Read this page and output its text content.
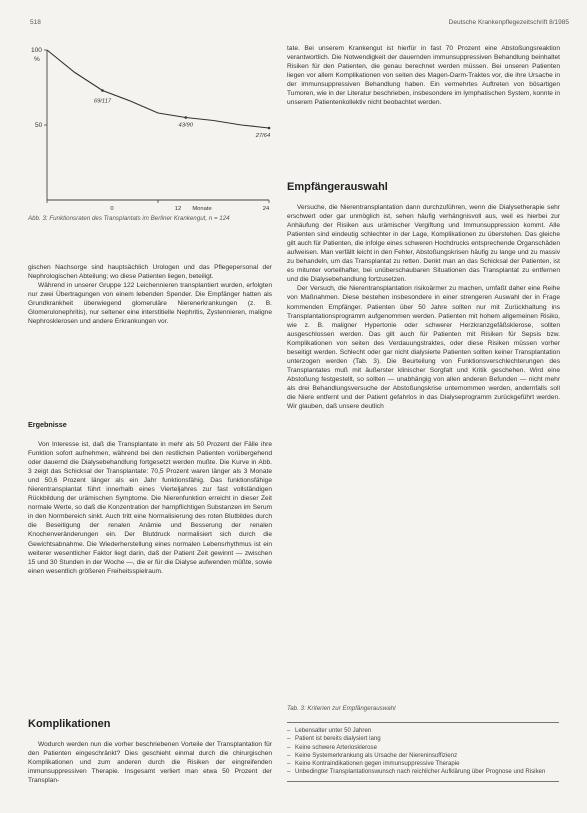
518	Deutsche Krankenpflegezeitschrift 8/1985
100
%
50
0	12 Monate	24
69/117
43/90
27/64
Abb. 3: Funktionsraten des Transplantats im Berliner Krankengut, n = 124

gischen Nachsorge sind hauptsächlich Urologen und das Pflegepersonal der Nephrologischen Abteilung; wo diese Patienten liegen, beteiligt.

Während in unserer Gruppe 122 Leichennieren transplantiert wurden, erfolgten nur zwei Übertragungen von einem lebenden Spender. Die Empfänger hatten als Grundkrankheit überwiegend glomeruläre Nierenerkrankungen (z. B. Glomerulonephritis), nur seltener eine interstitielle Nephritis, Zystennieren, maligne Nephrosklerosen und andere Erkrankungen vor.

Ergebnisse

Von Interesse ist, daß die Transplantate in mehr als 50 Prozent der Fälle ihre Funktion sofort aufnehmen, während bei den restlichen Patienten vorübergehend oder dauernd die Dialysebehandlung fortgesetzt werden mußte. Die Kurve in Abb. 3 zeigt das Schicksal der Transplantate: 70,5 Prozent waren länger als 3 Monate und 50,6 Prozent länger als ein Jahr funktionsfähig. Das funktionsfähige Nierentransplantat führt innerhalb eines Vierteljahres zur fast vollständigen Rückbildung der urämischen Symptome. Die Nierenfunktion erreicht in dieser Zeit normale Werte, so daß die Konzentration der harnpflichtigen Substanzen im Serum in den Normbereich sinkt. Auch tritt eine Normalisierung des roten Blutbildes durch die Beseitigung der renalen Anämie und Besserung der renalen Knochenveränderungen ein. Der Blutdruck normalisiert sich durch die Gewichtsabnahme. Die Wiederherstellung eines normalen Lebensrhythmus ist ein weiterer wesentlicher Faktor liegt darin, daß der Patient Zeit gewinnt — zwischen 15 und 30 Stunden in der Woche —, die er für die Dialyse aufwenden müßte, sowie einen wesentlich größeren Freiheitsspielraum.

Komplikationen

Wodurch werden nun die vorher beschriebenen Vorteile der Transplantation für den Patienten eingeschränkt? Dies geschieht einmal durch die chirurgischen Komplikationen und zum anderen durch die Risiken der eingreifenden immunsuppressiven Therapie. Insgesamt verliert man etwa 50 Prozent der Transplan-

tate. Bei unserem Krankengut ist hierfür in fast 70 Prozent eine Abstoßungsreaktion verantwortlich. Die Notwendigkeit der dauernden immunsuppressiven Behandlung beinhaltet Risiken für den Patienten, die genau berechnet werden müssen. Bei unseren Patienten liegen vor allem Komplikationen von seiten des Magen-Darm-Traktes vor, die ihre Ursache in der immunsuppressiven Behandlung haben. Ein vermehrtes Auftreten von bösartigen Tumoren, wie in der Literatur beschrieben, insbesondere im lymphatischen System, konnte in unserem Patientenkollektiv nicht beobachtet werden.

Empfängerauswahl

Versuche, die Nierentransplantation dann durchzuführen, wenn die Dialysetherapie sehr erschwert oder gar unmöglich ist, sehen häufig verhängnisvoll aus, weil es hierbei zur Anhäufung der Risiken aus urämischer Vergiftung und Immunsuppression kommt. Alle Patienten sind eindeutig schlechter in der Lage, Komplikationen zu überstehen. Das gleiche gilt auch für Patienten, die infolge eines schweren Hochdrucks entsprechende Organschäden aufweisen. Man verfällt leicht in den Fehler, Abstoßungskrisen häufig zu lange und zu massiv zu behandeln, um das Transplantat zu retten. Denkt man an das Schicksal der Patienten, ist es mitunter vorteilhafter, bei unüberschaubaren Situationen das Transplantat zu entfernen und die Dialysebehandlung fortzusetzen.

Der Versuch, die Nierentransplantation risikoärmer zu machen, umfaßt daher eine Reihe von Maßnahmen. Diese bestehen insbesondere in einer strengeren Auswahl der in Frage kommenden Empfänger. Patienten über 50 Jahre sollten nur mit Zurückhaltung ins Transplantationsprogramm aufgenommen werden. Patienten mit hohem allgemeinen Risiko, wie z. B. maligner Hypertonie oder schwerer Herzkranzgefäßsklerose, sollten ausgeschlossen werden. Das gilt auch für Patienten mit Risiken für Sepsis bzw. Komplikationen von seiten des Verdauungstraktes, oder diese Risiken müssen vorher beseitigt werden. Schlecht oder gar nicht dialysierte Patienten sollten keiner Transplantation unterzogen werden (Tab. 3). Die Beurteilung von Funktionsverschlechterungen des Transplantates muß mit äußerster klinischer Sorgfalt und Kritik geschehen. Wird eine Abstoßung festgestellt, so sollten — unabhängig von allen anderen Befunden — nicht mehr als drei Behandlungsversuche der Abstoßungskrise unternommen werden, andernfalls soll die Niere entfernt und der Patient gefahrlos in das Dialyseprogramm zurückgeführt werden. Wir glauben, daß unsere deutlich

Tab. 3: Kriterien zur Empfängerauswahl
– Lebensalter unter 50 Jahren
– Patient ist bereits dialysiert lang
– Keine schwere Arteriosklerose
– Keine Systemerkrankung als Ursache der Niereninsuffizienz
– Keine Kontraindikationen gegen immunsuppressive Therapie
– Unbedingter Transplantationswunsch nach reichlicher Aufklärung über Prognose und Risiken
